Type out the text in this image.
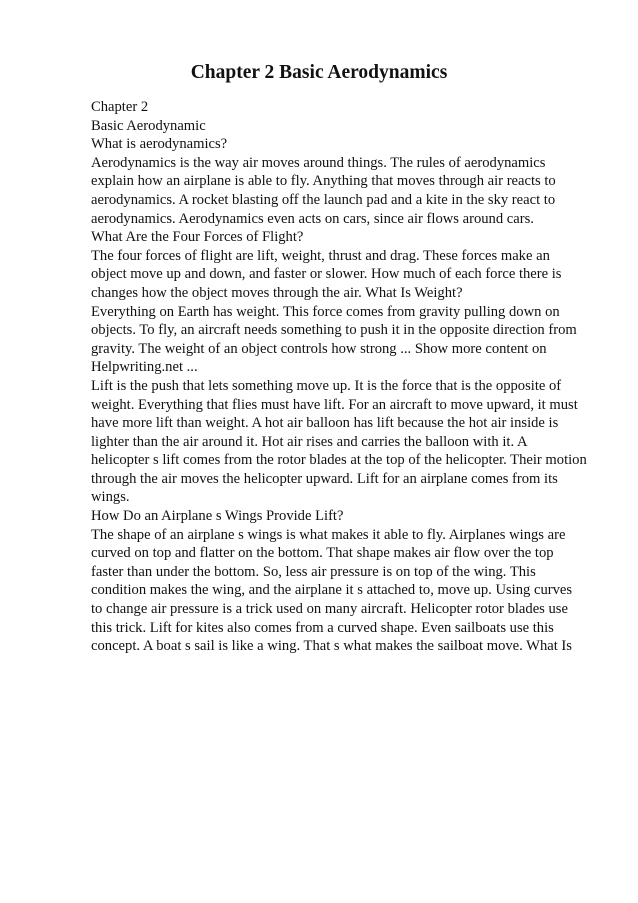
Chapter 2 Basic Aerodynamics
Chapter 2
Basic Aerodynamic
What is aerodynamics?
Aerodynamics is the way air moves around things. The rules of aerodynamics
explain how an airplane is able to fly. Anything that moves through air reacts to
aerodynamics. A rocket blasting off the launch pad and a kite in the sky react to
aerodynamics. Aerodynamics even acts on cars, since air flows around cars.
What Are the Four Forces of Flight?
The four forces of flight are lift, weight, thrust and drag. These forces make an
object move up and down, and faster or slower. How much of each force there is
changes how the object moves through the air. What Is Weight?
Everything on Earth has weight. This force comes from gravity pulling down on
objects. To fly, an aircraft needs something to push it in the opposite direction from
gravity. The weight of an object controls how strong ... Show more content on
Helpwriting.net ...
Lift is the push that lets something move up. It is the force that is the opposite of
weight. Everything that flies must have lift. For an aircraft to move upward, it must
have more lift than weight. A hot air balloon has lift because the hot air inside is
lighter than the air around it. Hot air rises and carries the balloon with it. A
helicopter s lift comes from the rotor blades at the top of the helicopter. Their motion
through the air moves the helicopter upward. Lift for an airplane comes from its
wings.
How Do an Airplane s Wings Provide Lift?
The shape of an airplane s wings is what makes it able to fly. Airplanes wings are
curved on top and flatter on the bottom. That shape makes air flow over the top
faster than under the bottom. So, less air pressure is on top of the wing. This
condition makes the wing, and the airplane it s attached to, move up. Using curves
to change air pressure is a trick used on many aircraft. Helicopter rotor blades use
this trick. Lift for kites also comes from a curved shape. Even sailboats use this
concept. A boat s sail is like a wing. That s what makes the sailboat move. What Is
